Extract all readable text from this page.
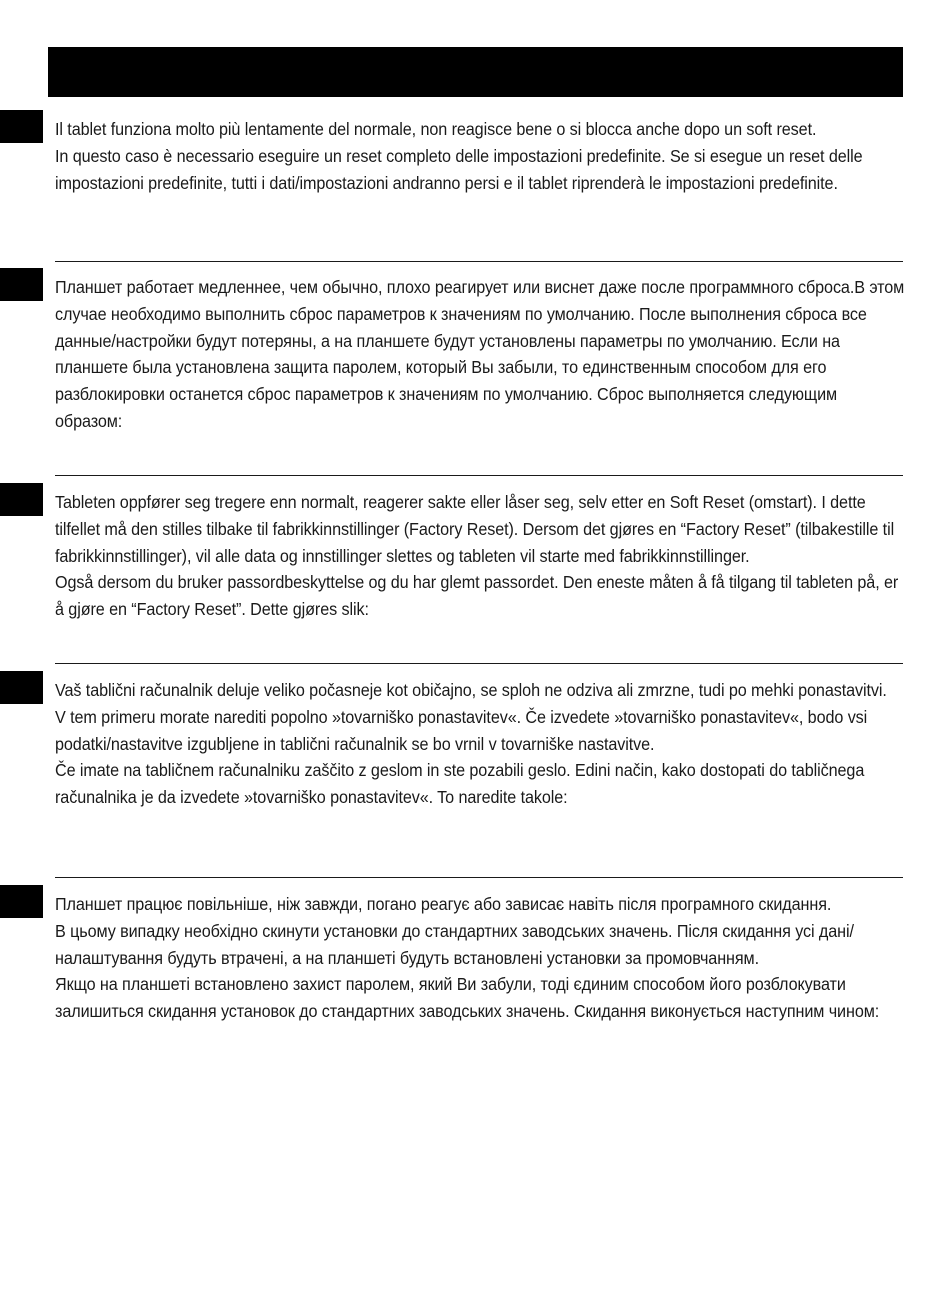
Il tablet funziona molto più lentamente del normale, non reagisce bene o si blocca anche dopo un soft reset.

In questo caso è necessario eseguire un reset completo delle impostazioni predefinite. Se si esegue un reset delle impostazioni predefinite, tutti i dati/impostazioni andranno persi e il tablet riprenderà le impostazioni predefinite.

Планшет работает медленнее, чем обычно, плохо реагирует или виснет даже после программного сброса.В этом случае необходимо выполнить сброс параметров к значениям по умолчанию. После выполнения сброса все данные/настройки будут потеряны, а на планшете будут установлены параметры по умолчанию. Если на планшете была установлена защита паролем, который Вы забыли, то единственным способом для его разблокировки останется сброс параметров к значениям по умолчанию. Сброс выполняется следующим образом:

Tableten oppfører seg tregere enn normalt, reagerer sakte eller låser seg, selv etter en Soft Reset (omstart). I dette tilfellet må den stilles tilbake til fabrikkinnstillinger (Factory Reset). Dersom det gjøres en “Factory Reset” (tilbakestille til fabrikkinnstillinger), vil alle data og innstillinger slettes og tableten vil starte med fabrikkinnstillinger.

Også dersom du bruker passordbeskyttelse og du har glemt passordet. Den eneste måten å få tilgang til tableten på, er å gjøre en “Factory Reset”. Dette gjøres slik:

Vaš tablični računalnik deluje veliko počasneje kot običajno, se sploh ne odziva ali zmrzne, tudi po mehki ponastavitvi.

V tem primeru morate narediti popolno »tovarniško ponastavitev«. Če izvedete »tovarniško ponastavitev«, bodo vsi podatki/nastavitve izgubljene in tablični računalnik se bo vrnil v tovarniške nastavitve.

Če imate na tabličnem računalniku zaščito z geslom in ste pozabili geslo. Edini način, kako dostopati do tabličnega računalnika je da izvedete »tovarniško ponastavitev«. To naredite takole:

Планшет працює повільніше, ніж завжди, погано реагує або зависає навіть після програмного скидання.

В цьому випадку необхідно скинути установки до стандартних заводських значень. Після скидання усі дані/налаштування будуть втрачені, а на планшеті будуть встановлені установки за промовчанням.

Якщо на планшеті встановлено захист паролем, який Ви забули, тоді єдиним способом його розблокувати залишиться скидання установок до стандартних заводських значень. Скидання виконується наступним чином:
